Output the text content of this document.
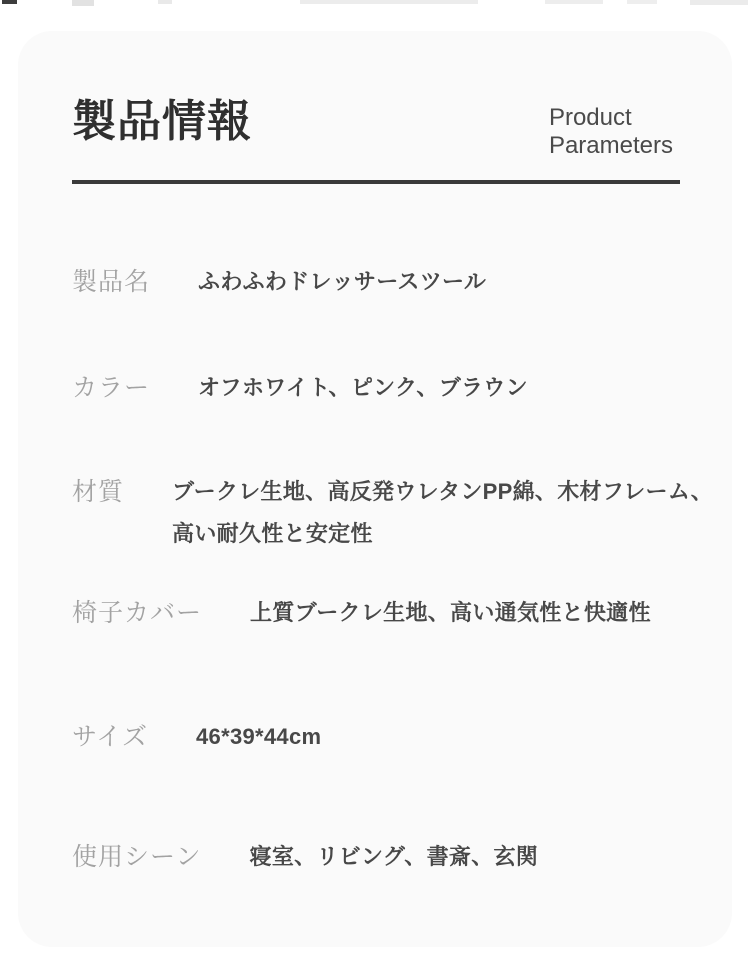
製品情報	Product
Parameters
製品名 ふわふわドレッサースツール
カラー オフホワイト、ピンク、ブラウン
材質 ブークレ生地、高反発ウレタンPP綿、木材フレーム、
高い耐久性と安定性
椅子カバー 上質ブークレ生地、高い通気性と快適性
サイズ 46*39*44cm
使用シーン 寝室、リビング、書斎、玄関
